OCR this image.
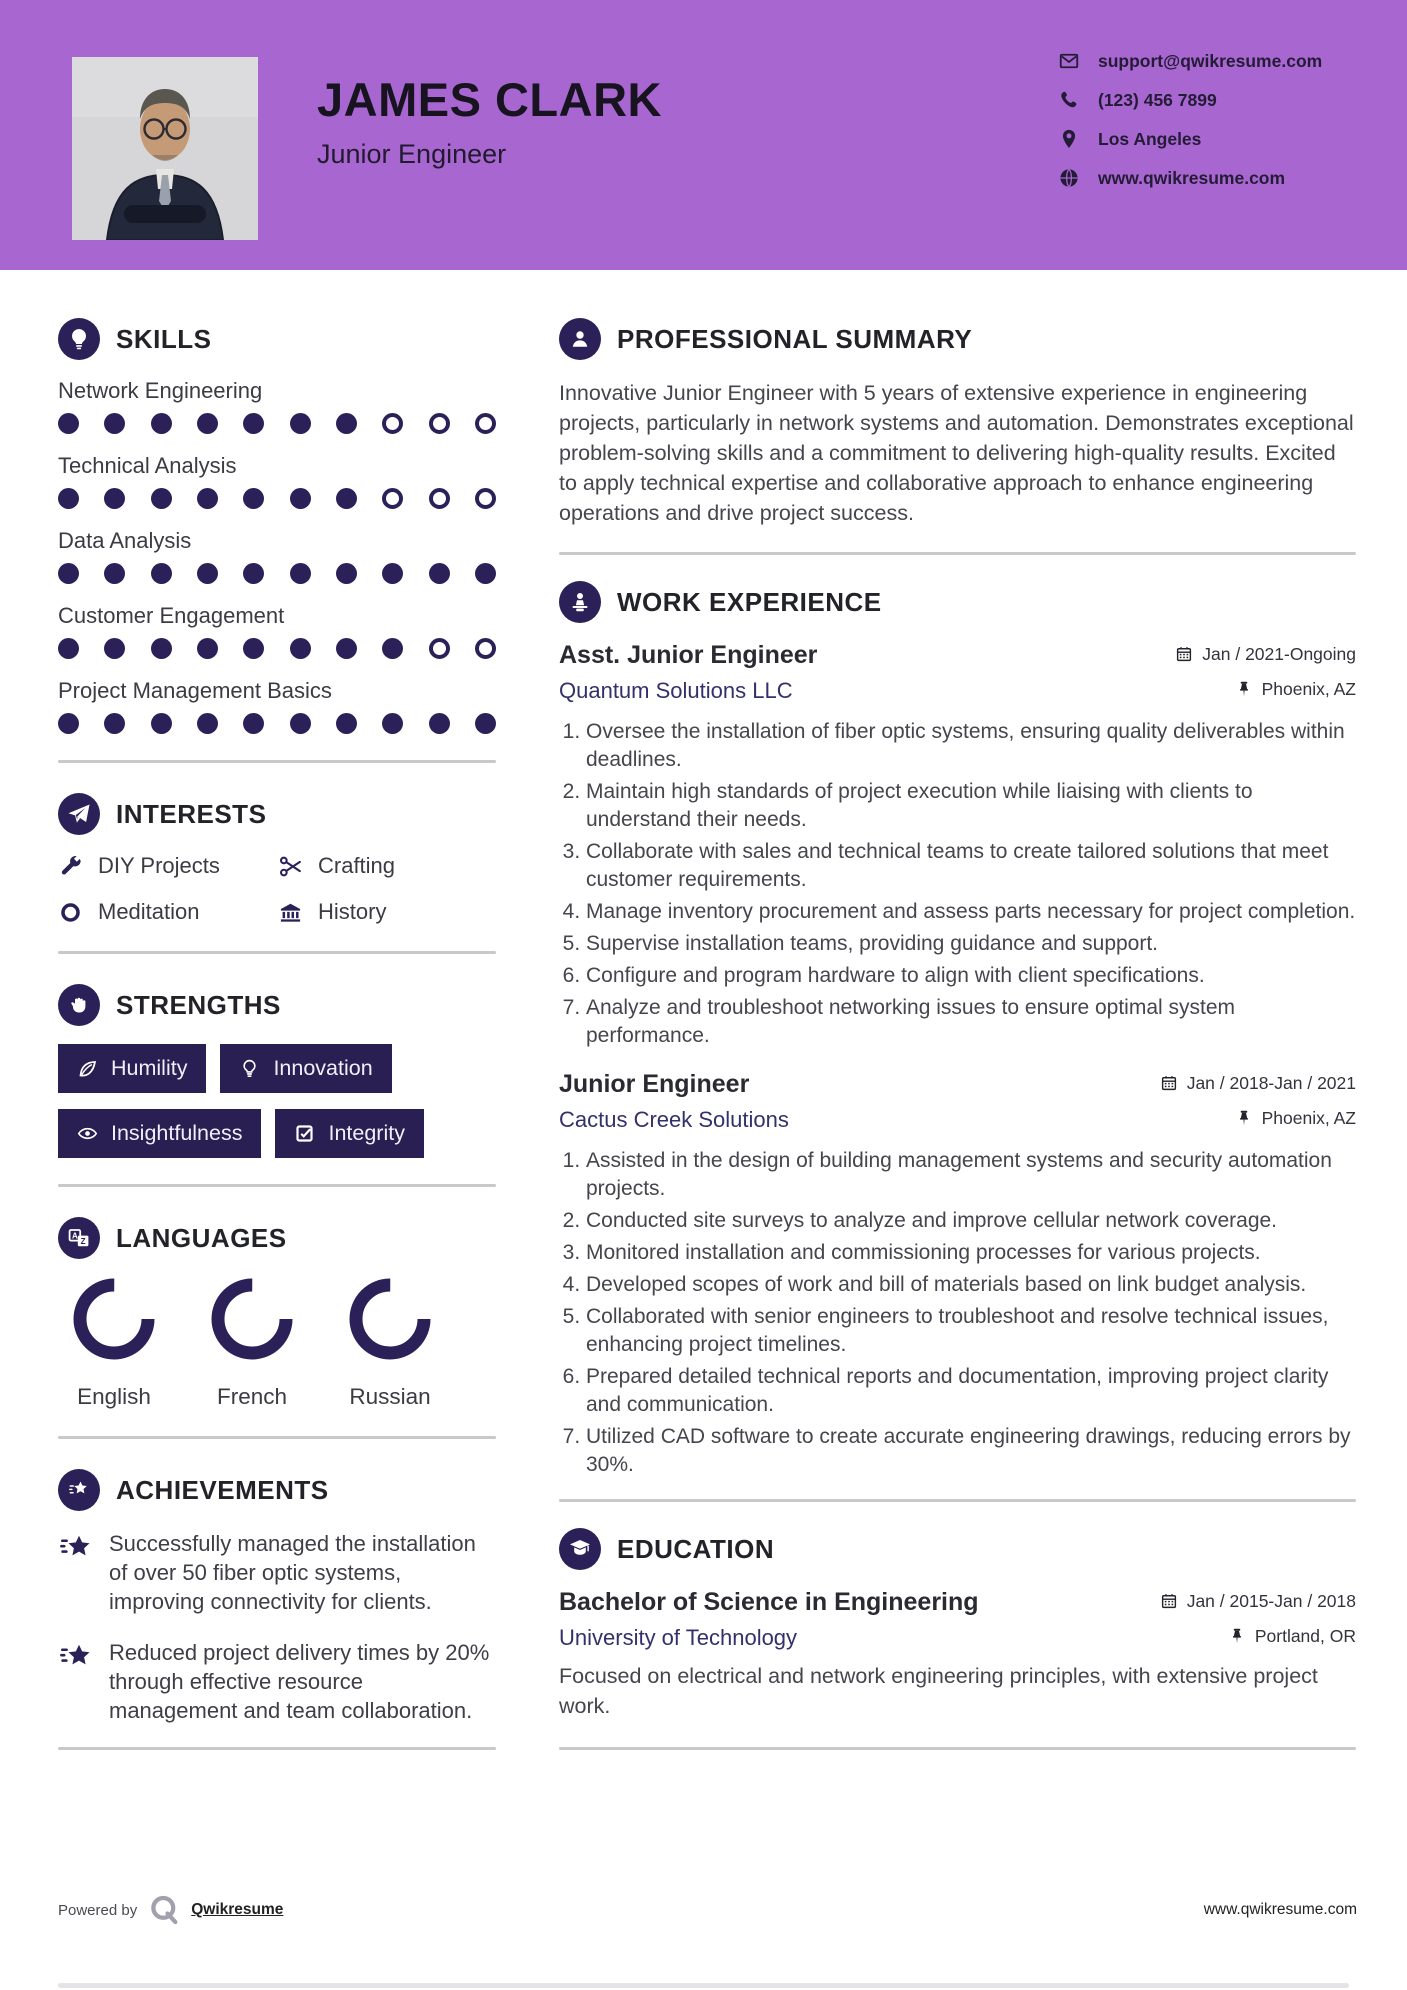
JAMES CLARK
Junior Engineer
support@qwikresume.com
(123) 456 7899
Los Angeles
www.qwikresume.com
SKILLS
Network Engineering
Technical Analysis
Data Analysis
Customer Engagement
Project Management Basics
INTERESTS
DIY Projects	Crafting
Meditation	History
STRENGTHS
Humility	Innovation
Insightfulness	Integrity
A
Z LANGUAGES
English	French	Russian
ACHIEVEMENTS
Successfully managed the installation of over 50 fiber optic systems, improving connectivity for clients.
Reduced project delivery times by 20% through effective resource management and team collaboration.
PROFESSIONAL SUMMARY

Innovative Junior Engineer with 5 years of extensive experience in engineering projects, particularly in network systems and automation. Demonstrates exceptional problem-solving skills and a commitment to delivering high-quality results. Excited to apply technical expertise and collaborative approach to enhance engineering operations and drive project success.

WORK EXPERIENCE
Asst. Junior Engineer	Jan / 2021-Ongoing
Quantum Solutions LLC	Phoenix, AZ
1. Oversee the installation of fiber optic systems, ensuring quality deliverables within deadlines.
2. Maintain high standards of project execution while liaising with clients to understand their needs.
3. Collaborate with sales and technical teams to create tailored solutions that meet customer requirements.
4. Manage inventory procurement and assess parts necessary for project completion.
5. Supervise installation teams, providing guidance and support.
6. Configure and program hardware to align with client specifications.
7. Analyze and troubleshoot networking issues to ensure optimal system performance.
Junior Engineer	Jan / 2018-Jan / 2021
Cactus Creek Solutions	Phoenix, AZ
1. Assisted in the design of building management systems and security automation projects.
2. Conducted site surveys to analyze and improve cellular network coverage.
3. Monitored installation and commissioning processes for various projects.
4. Developed scopes of work and bill of materials based on link budget analysis.
5. Collaborated with senior engineers to troubleshoot and resolve technical issues, enhancing project timelines.
6. Prepared detailed technical reports and documentation, improving project clarity and communication.
7. Utilized CAD software to create accurate engineering drawings, reducing errors by 30%.
EDUCATION
Bachelor of Science in Engineering	Jan / 2015-Jan / 2018
University of Technology	Portland, OR

Focused on electrical and network engineering principles, with extensive project work.

Powered by	Qwikresume	www.qwikresume.com
